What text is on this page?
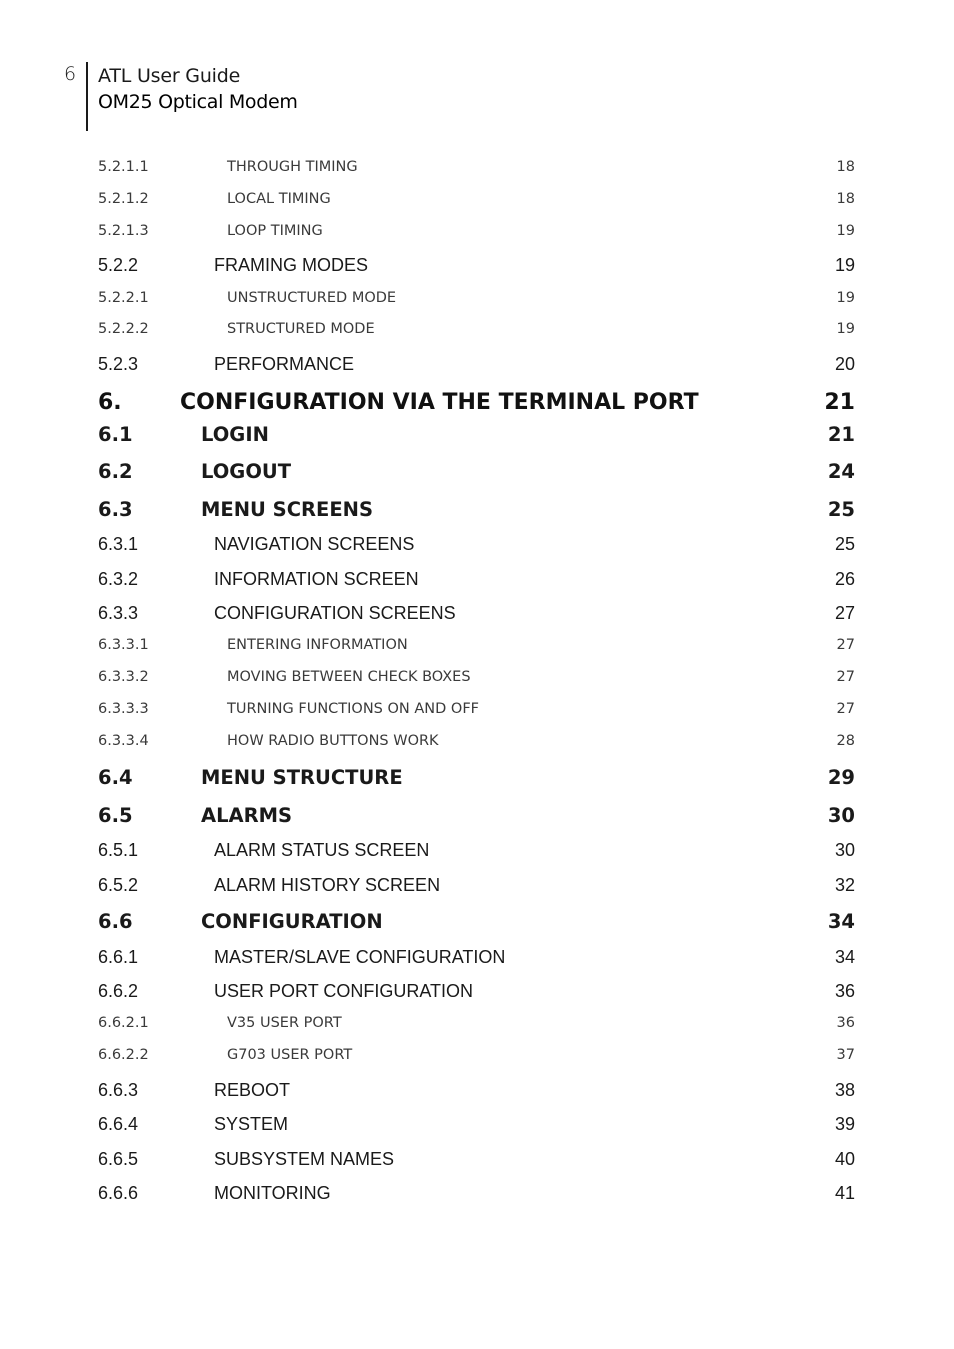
6 ATL User Guide
OM25 Optical Modem
5.2.1.1	THROUGH TIMING	18
5.2.1.2	LOCAL TIMING	18
5.2.1.3	LOOP TIMING	19
5.2.2	FRAMING MODES	19
5.2.2.1	UNSTRUCTURED MODE	19
5.2.2.2	STRUCTURED MODE	19
5.2.3	PERFORMANCE	20
6.	CONFIGURATION VIA THE TERMINAL PORT	21
6.1	LOGIN	21
6.2	LOGOUT	24
6.3	MENU SCREENS	25
6.3.1	NAVIGATION SCREENS	25
6.3.2	INFORMATION SCREEN	26
6.3.3	CONFIGURATION SCREENS	27
6.3.3.1	ENTERING INFORMATION	27
6.3.3.2	MOVING BETWEEN CHECK BOXES	27
6.3.3.3	TURNING FUNCTIONS ON AND OFF	27
6.3.3.4	HOW RADIO BUTTONS WORK	28
6.4	MENU STRUCTURE	29
6.5	ALARMS	30
6.5.1	ALARM STATUS SCREEN	30
6.5.2	ALARM HISTORY SCREEN	32
6.6	CONFIGURATION	34
6.6.1	MASTER/SLAVE CONFIGURATION	34
6.6.2	USER PORT CONFIGURATION	36
6.6.2.1	V35 USER PORT	36
6.6.2.2	G703 USER PORT	37
6.6.3	REBOOT	38
6.6.4	SYSTEM	39
6.6.5	SUBSYSTEM NAMES	40
6.6.6	MONITORING	41
